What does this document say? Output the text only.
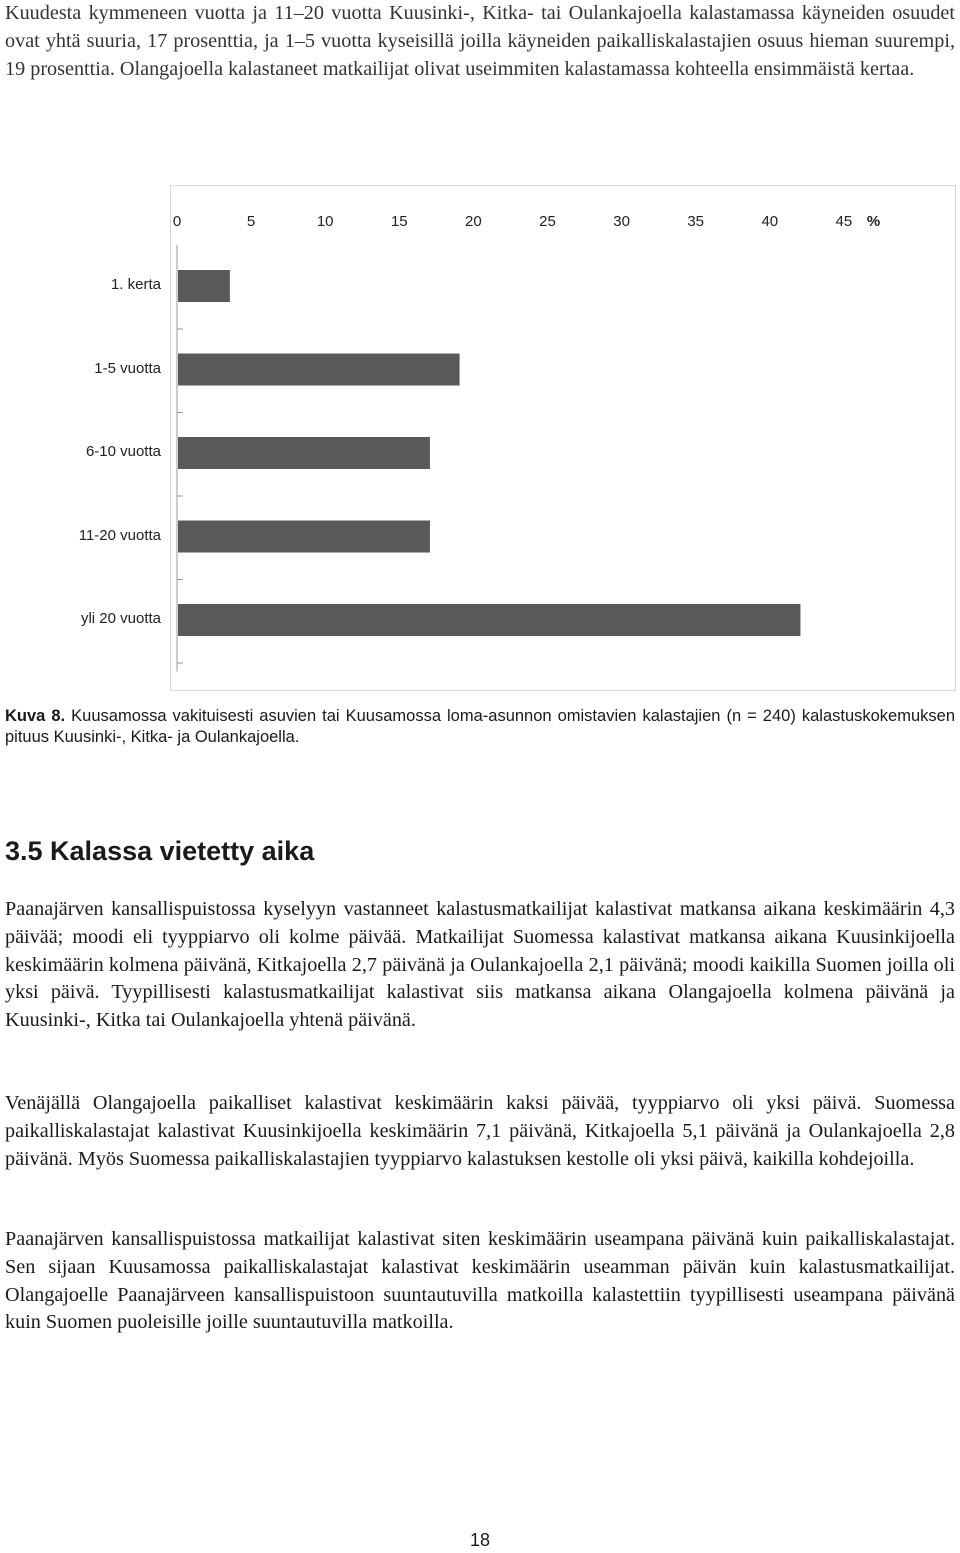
Kuudesta kymmeneen vuotta ja 11–20 vuotta Kuusinki-, Kitka- tai Oulankajoella kalastamassa käyneiden osuudet ovat yhtä suuria, 17 prosenttia, ja 1–5 vuotta kyseisillä joilla käyneiden paikalliskalastajien osuus hieman suurempi, 19 prosenttia. Olangajoella kalastaneet matkailijat olivat useimmiten kalastamassa kohteella ensimmäistä kertaa.

0	5	10	15	20	25	30	35	40	45 %
1. kerta
1-5 vuotta
6-10 vuotta
11-20 vuotta
yli 20 vuotta

Kuva 8. Kuusamossa vakituisesti asuvien tai Kuusamossa loma-asunnon omistavien kalastajien (n = 240) kalastuskokemuksen pituus Kuusinki-, Kitka- ja Oulankajoella.

3.5 Kalassa vietetty aika

Paanajärven kansallispuistossa kyselyyn vastanneet kalastusmatkailijat kalastivat matkansa aikana keskimäärin 4,3 päivää; moodi eli tyyppiarvo oli kolme päivää. Matkailijat Suomessa kalastivat matkansa aikana Kuusinkijoella keskimäärin kolmena päivänä, Kitkajoella 2,7 päivänä ja Oulankajoella 2,1 päivänä; moodi kaikilla Suomen joilla oli yksi päivä. Tyypillisesti kalastusmatkailijat kalastivat siis matkansa aikana Olangajoella kolmena päivänä ja Kuusinki-, Kitka tai Oulankajoella yhtenä päivänä.

Venäjällä Olangajoella paikalliset kalastivat keskimäärin kaksi päivää, tyyppiarvo oli yksi päivä. Suomessa paikalliskalastajat kalastivat Kuusinkijoella keskimäärin 7,1 päivänä, Kitkajoella 5,1 päivänä ja Oulankajoella 2,8 päivänä. Myös Suomessa paikalliskalastajien tyyppiarvo kalastuksen kestolle oli yksi päivä, kaikilla kohdejoilla.

Paanajärven kansallispuistossa matkailijat kalastivat siten keskimäärin useampana päivänä kuin paikalliskalastajat. Sen sijaan Kuusamossa paikalliskalastajat kalastivat keskimäärin useamman päivän kuin kalastusmatkailijat. Olangajoelle Paanajärveen kansallispuistoon suuntautuvilla matkoilla kalastettiin tyypillisesti useampana päivänä kuin Suomen puoleisille joille suuntautuvilla matkoilla.

18
